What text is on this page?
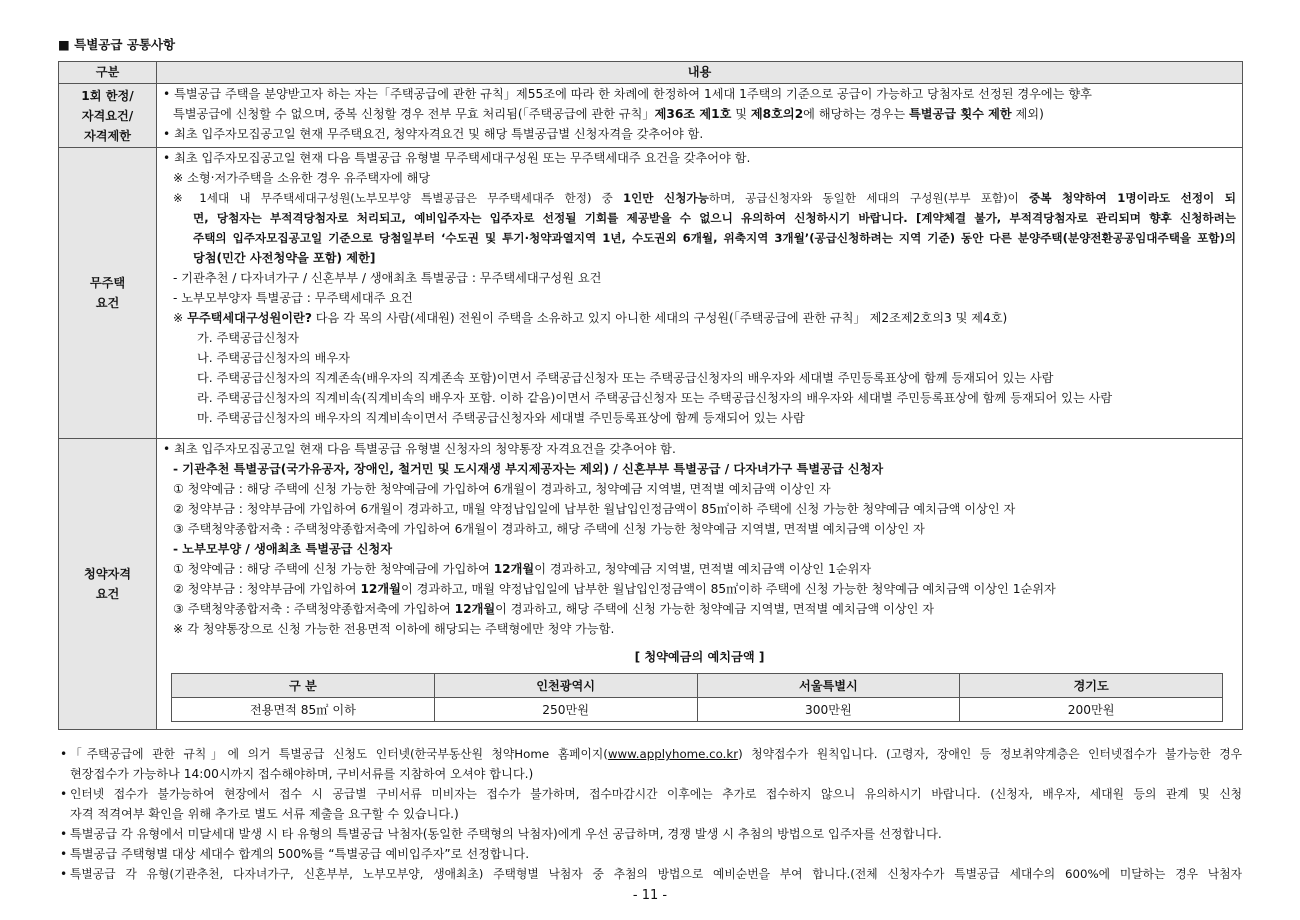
■ 특별공급 공통사항
구분	내용

1회 한정/
자격요건/
자격제한

• 특별공급 주택을 분양받고자 하는 자는「주택공급에 관한 규칙」제55조에 따라 한 차례에 한정하여 1세대 1주택의 기준으로 공급이 가능하고 당첨자로 선정된 경우에는 향후
특별공급에 신청할 수 없으며, 중복 신청할 경우 전부 무효 처리됨(「주택공급에 관한 규칙」제36조 제1호 및 제8호의2에 해당하는 경우는 특별공급 횟수 제한 제외)
• 최초 입주자모집공고일 현재 무주택요건, 청약자격요건 및 해당 특별공급별 신청자격을 갖추어야 함.

무주택
요건

• 최초 입주자모집공고일 현재 다음 특별공급 유형별 무주택세대구성원 또는 무주택세대주 요건을 갖추어야 함.
※ 소형‧저가주택을 소유한 경우 유주택자에 해당
※ 1세대 내 무주택세대구성원(노부모부양 특별공급은 무주택세대주 한정) 중 1인만 신청가능하며, 공급신청자와 동일한 세대의 구성원(부부 포함)이 중복 청약하여 1명이라도 선정이 되
면, 당첨자는 부적격당첨자로 처리되고, 예비입주자는 입주자로 선정될 기회를 제공받을 수 없으니 유의하여 신청하시기 바랍니다. [계약체결 불가, 부적격당첨자로 관리되며 향후 신청하려는
주택의 입주자모집공고일 기준으로 당첨일부터 ‘수도권 및 투기·청약과열지역 1년, 수도권외 6개월, 위축지역 3개월’(공급신청하려는 지역 기준) 동안 다른 분양주택(분양전환공공임대주택을 포함)의
당첨(민간 사전청약을 포함) 제한]
- 기관추천 / 다자녀가구 / 신혼부부 / 생애최초 특별공급 : 무주택세대구성원 요건
- 노부모부양자 특별공급 : 무주택세대주 요건
※ 무주택세대구성원이란? 다음 각 목의 사람(세대원) 전원이 주택을 소유하고 있지 아니한 세대의 구성원(「주택공급에 관한 규칙」 제2조제2호의3 및 제4호)
가. 주택공급신청자
나. 주택공급신청자의 배우자
다. 주택공급신청자의 직계존속(배우자의 직계존속 포함)이면서 주택공급신청자 또는 주택공급신청자의 배우자와 세대별 주민등록표상에 함께 등재되어 있는 사람
라. 주택공급신청자의 직계비속(직계비속의 배우자 포함. 이하 같음)이면서 주택공급신청자 또는 주택공급신청자의 배우자와 세대별 주민등록표상에 함께 등재되어 있는 사람
마. 주택공급신청자의 배우자의 직계비속이면서 주택공급신청자와 세대별 주민등록표상에 함께 등재되어 있는 사람

청약자격
요건

• 최초 입주자모집공고일 현재 다음 특별공급 유형별 신청자의 청약통장 자격요건을 갖추어야 함.
- 기관추천 특별공급(국가유공자, 장애인, 철거민 및 도시재생 부지제공자는 제외) / 신혼부부 특별공급 / 다자녀가구 특별공급 신청자
① 청약예금 : 해당 주택에 신청 가능한 청약예금에 가입하여 6개월이 경과하고, 청약예금 지역별, 면적별 예치금액 이상인 자
② 청약부금 : 청약부금에 가입하여 6개월이 경과하고, 매월 약정납입일에 납부한 월납입인정금액이 85㎡이하 주택에 신청 가능한 청약예금 예치금액 이상인 자
③ 주택청약종합저축 : 주택청약종합저축에 가입하여 6개월이 경과하고, 해당 주택에 신청 가능한 청약예금 지역별, 면적별 예치금액 이상인 자
- 노부모부양 / 생애최초 특별공급 신청자
① 청약예금 : 해당 주택에 신청 가능한 청약예금에 가입하여 12개월이 경과하고, 청약예금 지역별, 면적별 예치금액 이상인 1순위자
② 청약부금 : 청약부금에 가입하여 12개월이 경과하고, 매월 약정납입일에 납부한 월납입인정금액이 85㎡이하 주택에 신청 가능한 청약예금 예치금액 이상인 1순위자
③ 주택청약종합저축 : 주택청약종합저축에 가입하여 12개월이 경과하고, 해당 주택에 신청 가능한 청약예금 지역별, 면적별 예치금액 이상인 자
※ 각 청약통장으로 신청 가능한 전용면적 이하에 해당되는 주택형에만 청약 가능함.
[ 청약예금의 예치금액 ]
구 분	인천광역시	서울특별시	경기도
전용면적 85㎡ 이하	250만원	300만원	200만원
• 「주택공급에 관한 규칙」에 의거 특별공급 신청도 인터넷(한국부동산원 청약Home 홈페이지(www.applyhome.co.kr) 청약접수가 원칙입니다. (고령자, 장애인 등 정보취약계층은 인터넷접수가 불가능한 경우
현장접수가 가능하나 14:00시까지 접수해야하며, 구비서류를 지참하여 오셔야 합니다.)
• 인터넷 접수가 불가능하여 현장에서 접수 시 공급별 구비서류 미비자는 접수가 불가하며, 접수마감시간 이후에는 추가로 접수하지 않으니 유의하시기 바랍니다. (신청자, 배우자, 세대원 등의 관계 및 신청
자격 적격여부 확인을 위해 추가로 별도 서류 제출을 요구할 수 있습니다.)
• 특별공급 각 유형에서 미달세대 발생 시 타 유형의 특별공급 낙첨자(동일한 주택형의 낙첨자)에게 우선 공급하며, 경쟁 발생 시 추첨의 방법으로 입주자를 선정합니다.
• 특별공급 주택형별 대상 세대수 합계의 500%를 “특별공급 예비입주자”로 선정합니다.
• 특별공급 각 유형(기관추천, 다자녀가구, 신혼부부, 노부모부양, 생애최초) 주택형별 낙첨자 중 추첨의 방법으로 예비순번을 부여 합니다.(전체 신청자수가 특별공급 세대수의 600%에 미달하는 경우 낙첨자
- 11 -
